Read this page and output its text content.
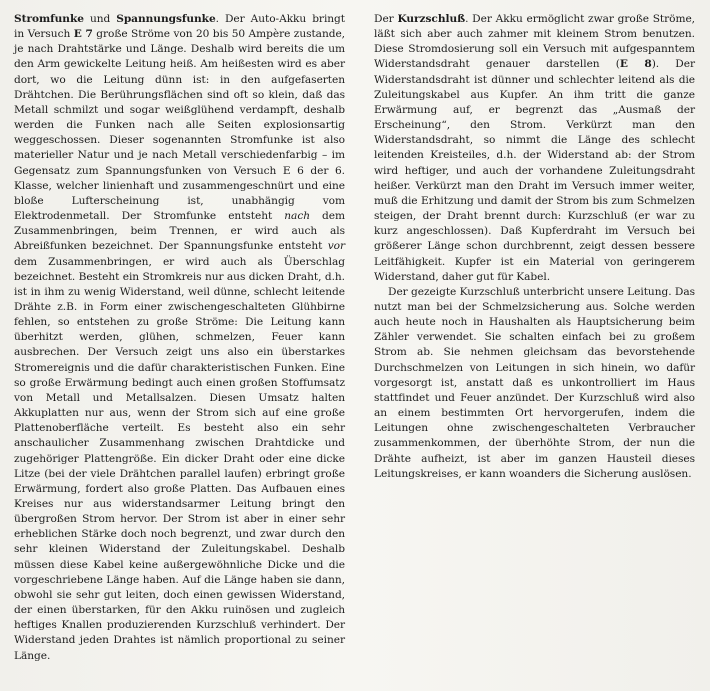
Stromfunke und Spannungsfunke. Der Auto-Akku bringt in Versuch E 7 große Ströme von 20 bis 50 Ampère zustande, je nach Drahtstärke und Länge. Deshalb wird bereits die um den Arm gewickelte Leitung heiß. Am heißesten wird es aber dort, wo die Leitung dünn ist: in den aufgefaserten Drähtchen. Die Berührungsflächen sind oft so klein, daß das Metall schmilzt und sogar weißglühend verdampft, deshalb werden die Funken nach alle Seiten explosionsartig weggeschossen. Dieser sogenannten Stromfunke ist also materieller Natur und je nach Metall verschiedenfarbig – im Gegensatz zum Spannungsfunken von Versuch E 6 der 6. Klasse, welcher linienhaft und zusammengeschnürt und eine bloße Lufterscheinung ist, unabhängig vom Elektrodenmetall. Der Stromfunke entsteht nach dem Zusammenbringen, beim Trennen, er wird auch als Abreißfunken bezeichnet. Der Spannungsfunke entsteht vor dem Zusammenbringen, er wird auch als Überschlag bezeichnet. Besteht ein Stromkreis nur aus dicken Draht, d.h. ist in ihm zu wenig Widerstand, weil dünne, schlecht leitende Drähte z.B. in Form einer zwischengeschalteten Glühbirne fehlen, so entstehen zu große Ströme: Die Leitung kann überhitzt werden, glühen, schmelzen, Feuer kann ausbrechen. Der Versuch zeigt uns also ein überstarkes Stromereignis und die dafür charakteristischen Funken. Eine so große Erwärmung bedingt auch einen großen Stoffumsatz von Metall und Metallsalzen. Diesen Umsatz halten Akkuplatten nur aus, wenn der Strom sich auf eine große Plattenoberfläche verteilt. Es besteht also ein sehr anschaulicher Zusammenhang zwischen Drahtdicke und zugehöriger Plattengröße. Ein dicker Draht oder eine dicke Litze (bei der viele Drähtchen parallel laufen) erbringt große Erwärmung, fordert also große Platten. Das Aufbauen eines Kreises nur aus widerstandsarmer Leitung bringt den übergroßen Strom hervor. Der Strom ist aber in einer sehr erheblichen Stärke doch noch begrenzt, und zwar durch den sehr kleinen Widerstand der Zuleitungskabel. Deshalb müssen diese Kabel keine außergewöhnliche Dicke und die vorgeschriebene Länge haben. Auf die Länge haben sie dann, obwohl sie sehr gut leiten, doch einen gewissen Widerstand, der einen überstarken, für den Akku ruinösen und zugleich heftiges Knallen produzierenden Kurzschluß verhindert. Der Widerstand jeden Drahtes ist nämlich proportional zu seiner Länge.

Der Kurzschluß. Der Akku ermöglicht zwar große Ströme, läßt sich aber auch zahmer mit kleinem Strom benutzen. Diese Stromdosierung soll ein Versuch mit aufgespanntem Widerstandsdraht genauer darstellen (E 8). Der Widerstandsdraht ist dünner und schlechter leitend als die Zuleitungskabel aus Kupfer. An ihm tritt die ganze Erwärmung auf, er begrenzt das „Ausmaß der Erscheinung“, den Strom. Verkürzt man den Widerstandsdraht, so nimmt die Länge des schlecht leitenden Kreisteiles, d.h. der Widerstand ab: der Strom wird heftiger, und auch der vorhandene Zuleitungsdraht heißer. Verkürzt man den Draht im Versuch immer weiter, muß die Erhitzung und damit der Strom bis zum Schmelzen steigen, der Draht brennt durch: Kurzschluß (er war zu kurz angeschlossen). Daß Kupferdraht im Versuch bei größerer Länge schon durchbrennt, zeigt dessen bessere Leitfähigkeit. Kupfer ist ein Material von geringerem Widerstand, daher gut für Kabel.

Der gezeigte Kurzschluß unterbricht unsere Leitung. Das nutzt man bei der Schmelzsicherung aus. Solche werden auch heute noch in Haushalten als Hauptsicherung beim Zähler verwendet. Sie schalten einfach bei zu großem Strom ab. Sie nehmen gleichsam das bevorstehende Durchschmelzen von Leitungen in sich hinein, wo dafür vorgesorgt ist, anstatt daß es unkontrolliert im Haus stattfindet und Feuer anzündet. Der Kurzschluß wird also an einem bestimmten Ort hervorgerufen, indem die Leitungen ohne zwischengeschalteten Verbraucher zusammenkommen, der überhöhte Strom, der nun die Drähte aufheizt, ist aber im ganzen Hausteil dieses Leitungskreises, er kann woanders die Sicherung auslösen.
